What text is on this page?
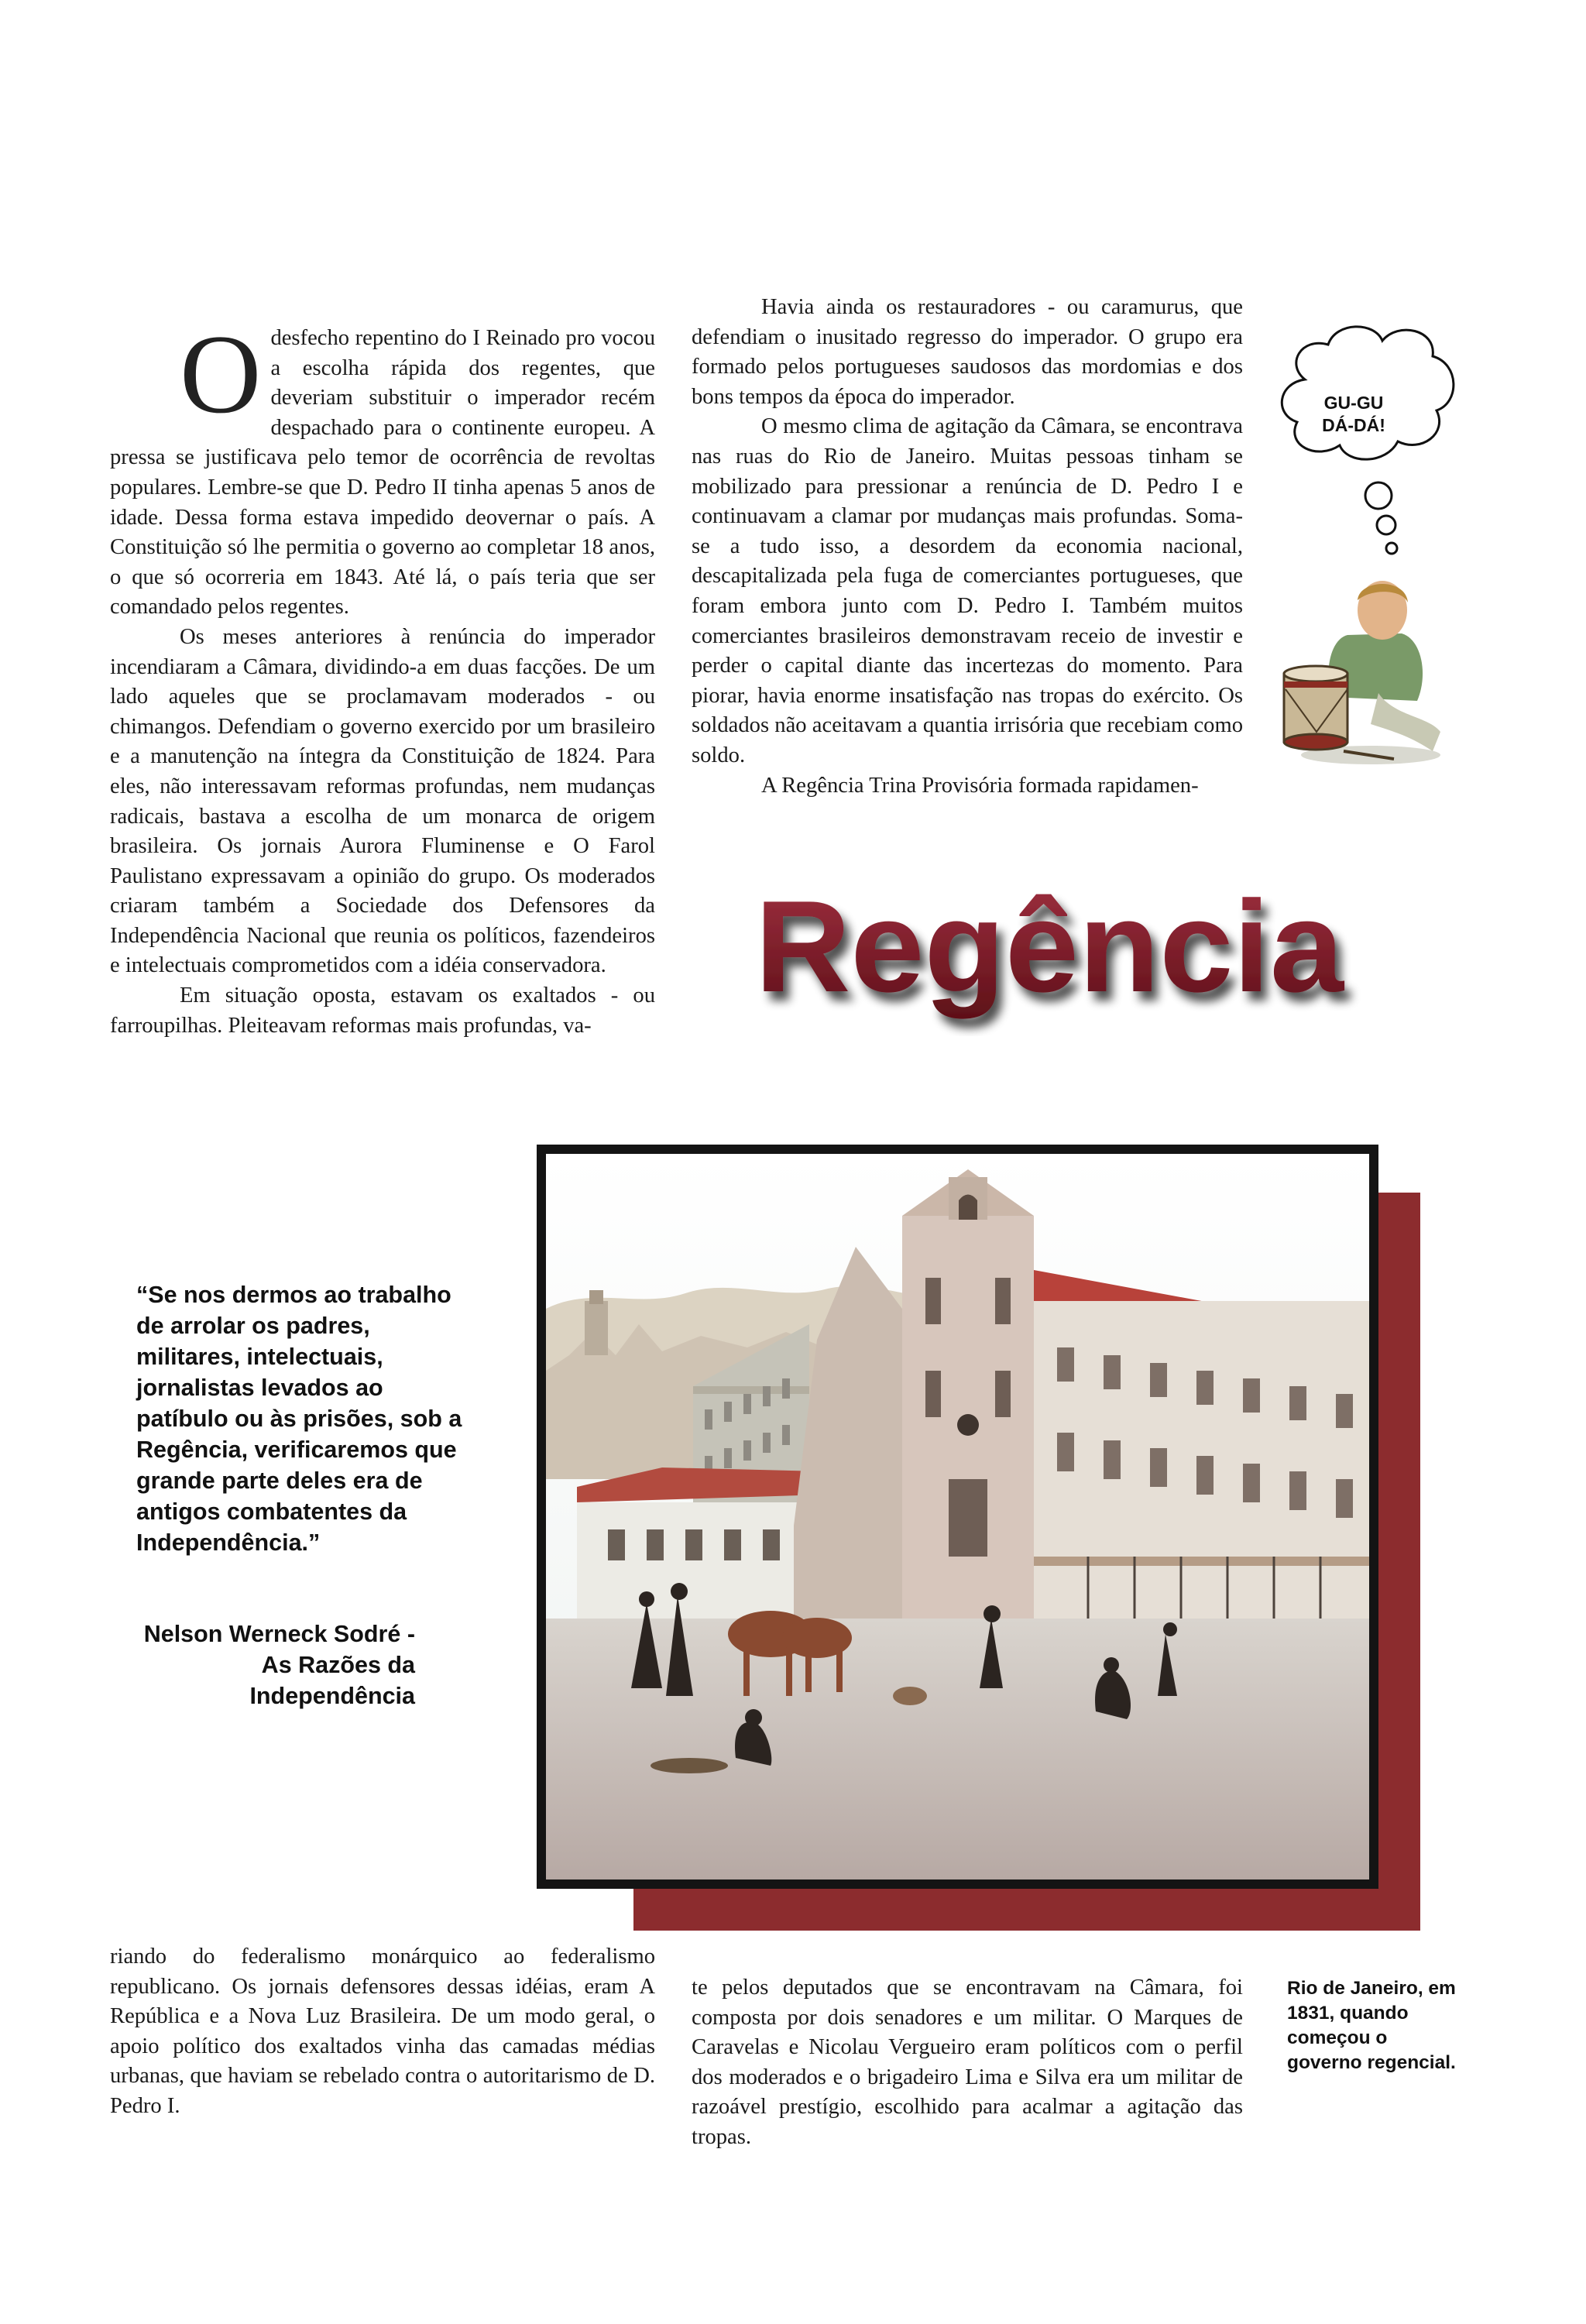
Odesfecho repentino do I Reinado pro vocou a escolha rápida dos regentes, que deveriam substituir o imperador recém despachado para o continente europeu. A pressa se justificava pelo temor de ocorrência de revoltas populares. Lembre-se que D. Pedro II tinha apenas 5 anos de idade. Dessa forma estava impedido deovernar o país. A Constituição só lhe permitia o governo ao completar 18 anos, o que só ocorreria em 1843. Até lá, o país teria que ser comandado pelos regentes.

Os meses anteriores à renúncia do imperador incendiaram a Câmara, dividindo-a em duas facções. De um lado aqueles que se proclamavam moderados - ou chimangos. Defendiam o governo exercido por um brasileiro e a manutenção na íntegra da Constituição de 1824. Para eles, não interessavam reformas profundas, nem mudanças radicais, bastava a escolha de um monarca de origem brasileira. Os jornais Aurora Fluminense e O Farol Paulistano expressavam a opinião do grupo. Os moderados criaram também a Sociedade dos Defensores da Independência Nacional que reunia os políticos, fazendeiros e intelectuais comprometidos com a idéia conservadora.

Em situação oposta, estavam os exaltados - ou farroupilhas. Pleiteavam reformas mais profundas, va-

Havia ainda os restauradores - ou caramurus, que defendiam o inusitado regresso do imperador. O grupo era formado pelos portugueses saudosos das mordomias e dos bons tempos da época do imperador.

O mesmo clima de agitação da Câmara, se encontrava nas ruas do Rio de Janeiro. Muitas pessoas tinham se mobilizado para pressionar a renúncia de D. Pedro I e continuavam a clamar por mudanças mais profundas. Soma-se a tudo isso, a desordem da economia nacional, descapitalizada pela fuga de comerciantes portugueses, que foram embora junto com D. Pedro I. Também muitos comerciantes brasileiros demonstravam receio de investir e perder o capital diante das incertezas do momento. Para piorar, havia enorme insatisfação nas tropas do exército. Os soldados não aceitavam a quantia irrisória que recebiam como soldo.

A Regência Trina Provisória formada rapidamen-

GU-GU DÁ-DÁ!
Regência
“Se nos dermos ao trabalho de arrolar os padres, militares, intelectuais, jornalistas levados ao patíbulo ou às prisões, sob a Regência, verificaremos que grande parte deles era de antigos combatentes da Independência.”
Nelson Werneck Sodré - As Razões da Independência

riando do federalismo monárquico ao federalismo republicano. Os jornais defensores dessas idéias, eram A República e a Nova Luz Brasileira. De um modo geral, o apoio político dos exaltados vinha das camadas médias urbanas, que haviam se rebelado contra o autoritarismo de D. Pedro I.

te pelos deputados que se encontravam na Câmara, foi composta por dois senadores e um militar. O Marques de Caravelas e Nicolau Vergueiro eram políticos com o perfil dos moderados e o brigadeiro Lima e Silva era um militar de razoável prestígio, escolhido para acalmar a agitação das tropas.

Rio de Janeiro, em 1831, quando começou o governo regencial.
